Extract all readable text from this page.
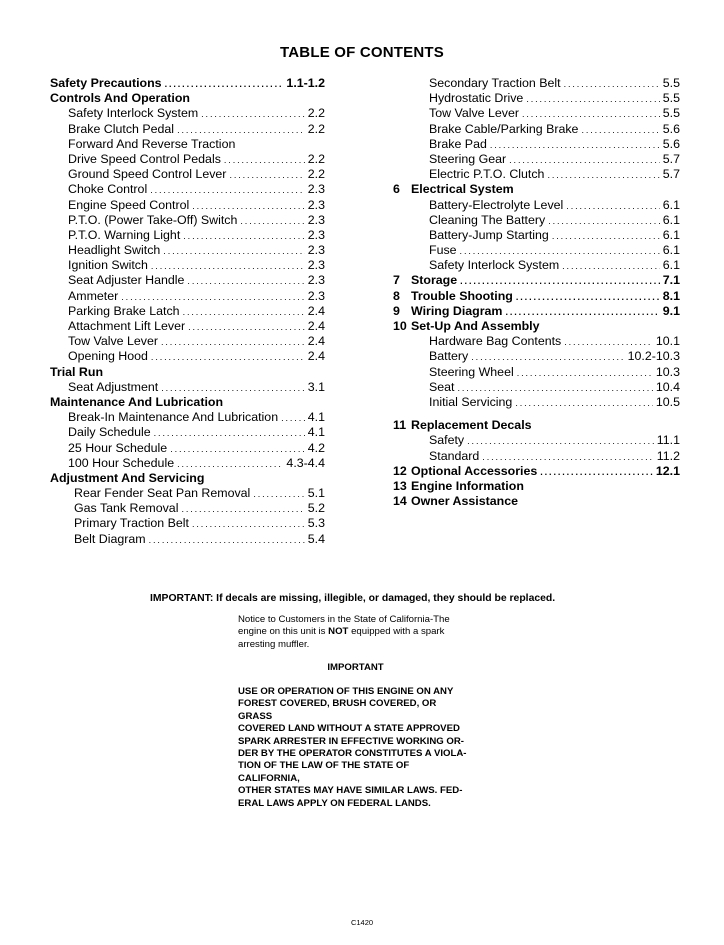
TABLE OF CONTENTS
Safety Precautions . . .	1.1-1.2
Controls And Operation
Safety Interlock System . . .	2.2
Brake Clutch Pedal . . .	2.2
Forward And Reverse Traction
Drive Speed Control Pedals . . .	2.2
Ground Speed Control Lever . . .	2.2
Choke Control . . .	2.3
Engine Speed Control . . .	2.3
P.T.O. (Power Take-Off) Switch . . .	2.3
P.T.O. Warning Light . . .	2.3
Headlight Switch . . .	2.3
Ignition Switch . . .	2.3
Seat Adjuster Handle . . .	2.3
Ammeter . . .	2.3
Parking Brake Latch . . .	2.4
Attachment Lift Lever . . .	2.4
Tow Valve Lever . . .	2.4
Opening Hood . . .	2.4
Trial Run
Seat Adjustment . . .	3.1
Maintenance And Lubrication
Break-In Maintenance And Lubrication . . . 4.1
Daily Schedule . . .	4.1
25 Hour Schedule . . .	4.2
100 Hour Schedule . . .	4.3-4.4
Adjustment And Servicing
Rear Fender Seat Pan Removal . . .	5.1
Gas Tank Removal . . .	5.2
Primary Traction Belt . . .	5.3
Belt Diagram . . .	5.4
Secondary Traction Belt . . .	5.5
Hydrostatic Drive . . .	5.5
Tow Valve Lever . . .	5.5
Brake Cable/Parking Brake . . .	5.6
Brake Pad . . .	5.6
Steering Gear . . .	5.7
Electric P.T.O. Clutch . . .	5.7
6 Electrical System
Battery-Electrolyte Level . . .	6.1
Cleaning The Battery . . .	6.1
Battery-Jump Starting . . .	6.1
Fuse . . .	6.1
Safety Interlock System . . .	6.1
7 Storage . . .	7.1
8 Trouble Shooting . . .	8.1
9 Wiring Diagram . . .	9.1
10 Set-Up And Assembly
Hardware Bag Contents . . .	10.1
Battery . . .	10.2-10.3
Steering Wheel . . .	10.3
Seat . . .	10.4
Initial Servicing . . .	10.5
11 Replacement Decals
Safety . . .	11.1
Standard . . .	11.2
12 Optional Accessories . . .	12.1
13 Engine Information
14 Owner Assistance
IMPORTANT: If decals are missing, illegible, or damaged, they should be replaced.
Notice to Customers in the State of California-The engine on this unit is NOT equipped with a spark arresting muffler.
IMPORTANT
USE OR OPERATION OF THIS ENGINE ON ANY
FOREST COVERED, BRUSH COVERED, OR GRASS
COVERED LAND WITHOUT A STATE APPROVED
SPARK ARRESTER IN EFFECTIVE WORKING OR-
DER BY THE OPERATOR CONSTITUTES A VIOLA-
TION OF THE LAW OF THE STATE OF CALIFORNIA,
OTHER STATES MAY HAVE SIMILAR LAWS. FED-
ERAL LAWS APPLY ON FEDERAL LANDS.
C1420
